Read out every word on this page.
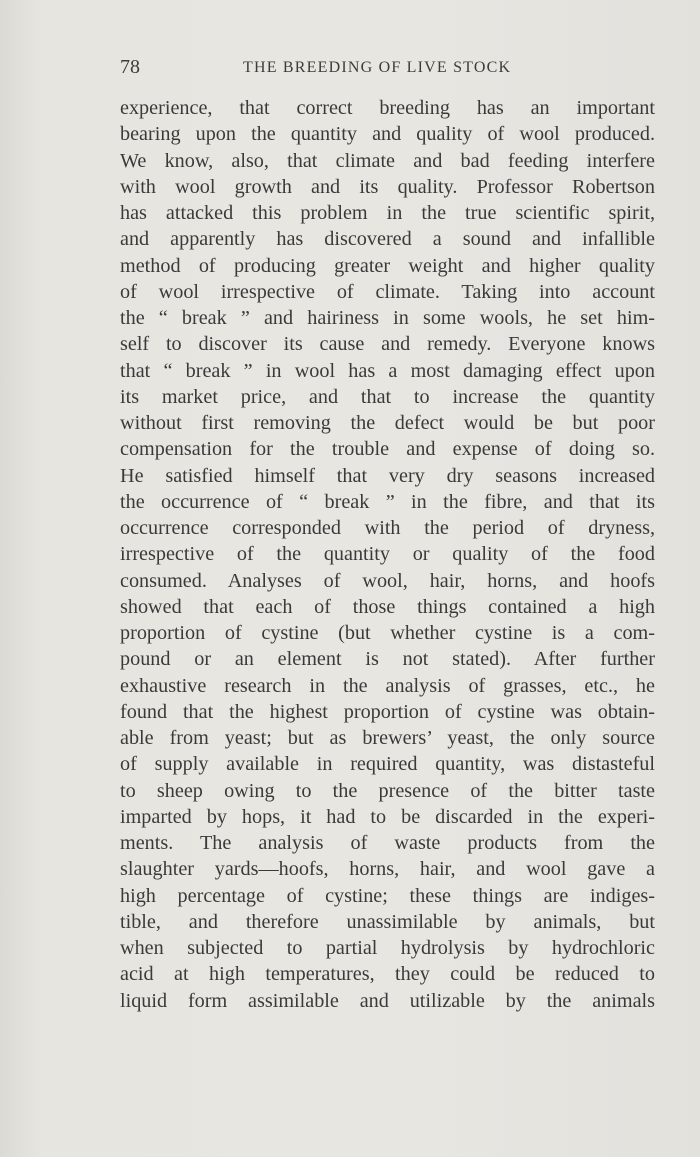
78	THE BREEDING OF LIVE STOCK
experience, that correct breeding has an important
bearing upon the quantity and quality of wool produced.
We know, also, that climate and bad feeding interfere
with wool growth and its quality. Professor Robertson
has attacked this problem in the true scientific spirit,
and apparently has discovered a sound and infallible
method of producing greater weight and higher quality
of wool irrespective of climate. Taking into account
the “ break ” and hairiness in some wools, he set him-
self to discover its cause and remedy. Everyone knows
that “ break ” in wool has a most damaging effect upon
its market price, and that to increase the quantity
without first removing the defect would be but poor
compensation for the trouble and expense of doing so.
He satisfied himself that very dry seasons increased
the occurrence of “ break ” in the fibre, and that its
occurrence corresponded with the period of dryness,
irrespective of the quantity or quality of the food
consumed. Analyses of wool, hair, horns, and hoofs
showed that each of those things contained a high
proportion of cystine (but whether cystine is a com-
pound or an element is not stated). After further
exhaustive research in the analysis of grasses, etc., he
found that the highest proportion of cystine was obtain-
able from yeast; but as brewers’ yeast, the only source
of supply available in required quantity, was distasteful
to sheep owing to the presence of the bitter taste
imparted by hops, it had to be discarded in the experi-
ments. The analysis of waste products from the
slaughter yards—hoofs, horns, hair, and wool gave a
high percentage of cystine; these things are indiges-
tible, and therefore unassimilable by animals, but
when subjected to partial hydrolysis by hydrochloric
acid at high temperatures, they could be reduced to
liquid form assimilable and utilizable by the animals
